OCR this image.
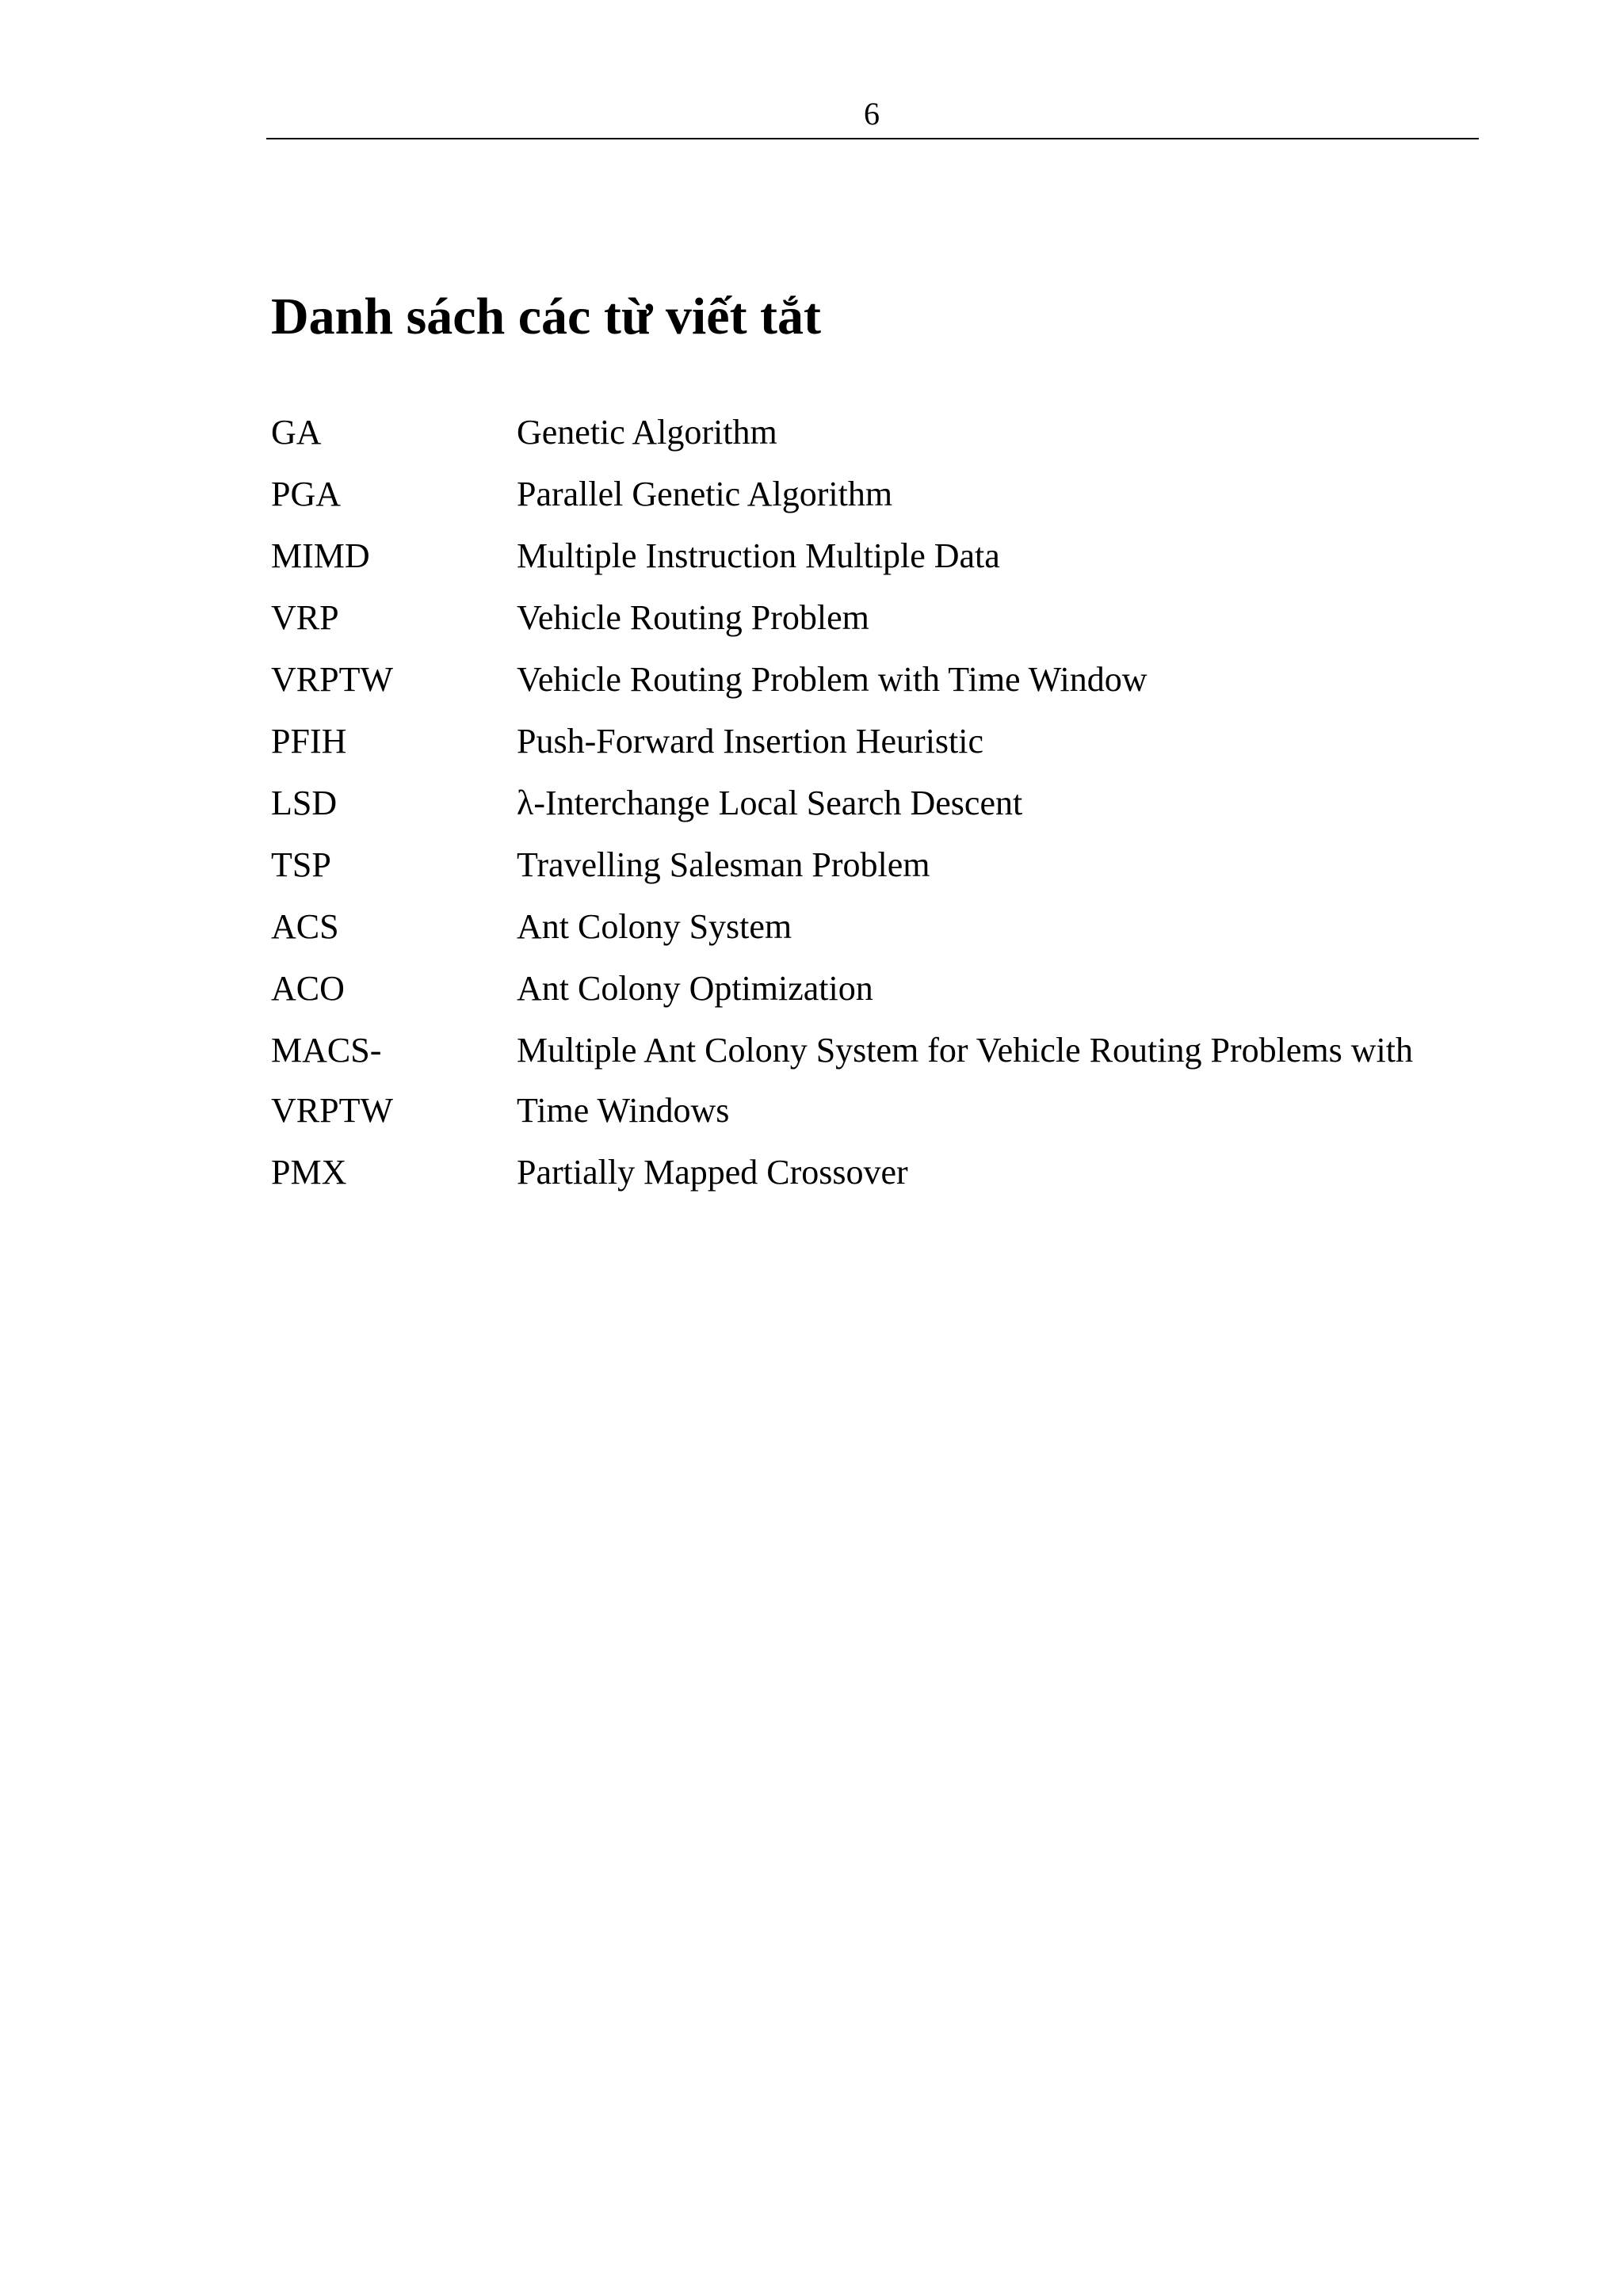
6
Danh sách các từ viết tắt
GA	Genetic Algorithm
PGA	Parallel Genetic Algorithm
MIMD	Multiple Instruction Multiple Data
VRP	Vehicle Routing Problem
VRPTW	Vehicle Routing Problem with Time Window
PFIH	Push-Forward Insertion Heuristic
LSD	λ-Interchange Local Search Descent
TSP	Travelling Salesman Problem
ACS	Ant Colony System
ACO	Ant Colony Optimization
MACS-	Multiple Ant Colony System for Vehicle Routing Problems with
VRPTW	Time Windows
PMX	Partially Mapped Crossover
